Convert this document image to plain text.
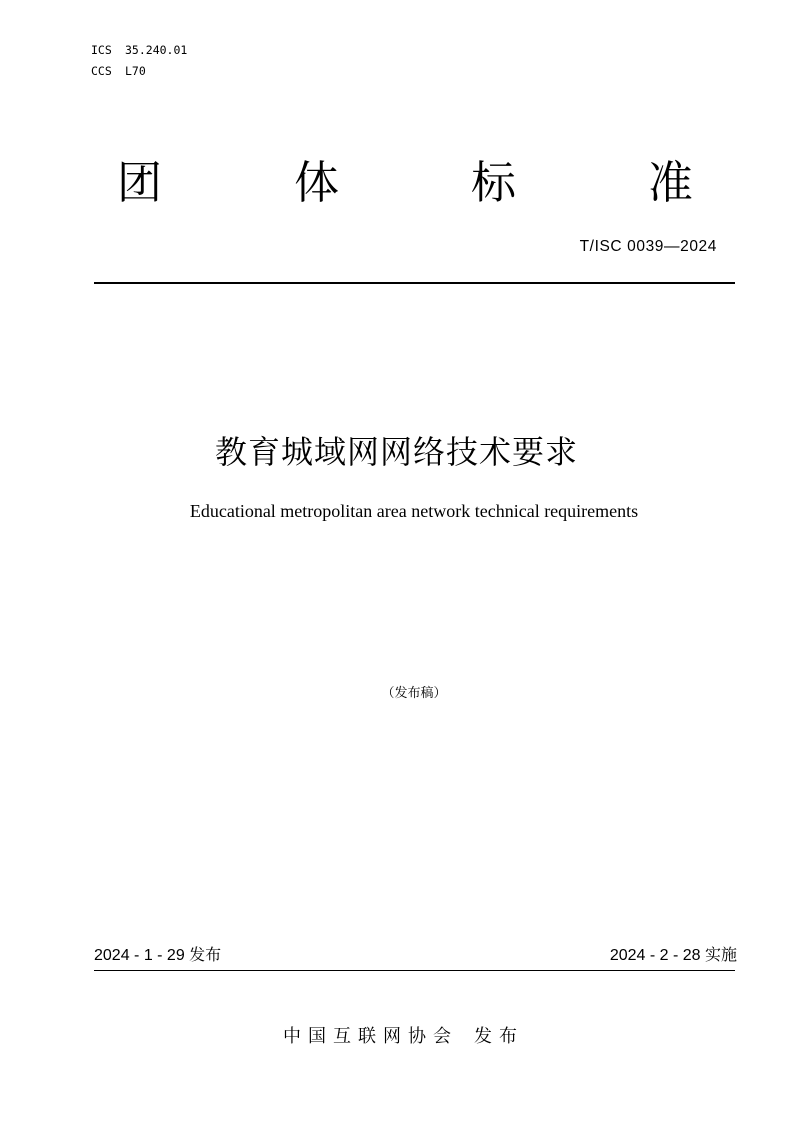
ICS 35.240.01
CCS L70
团	体	标	准
T/ISC 0039—2024
教育城域网网络技术要求
Educational metropolitan area network technical requirements
（发布稿）
2024 - 1 - 29 发布	2024 - 2 - 28 实施
中国互联网协会 发布
